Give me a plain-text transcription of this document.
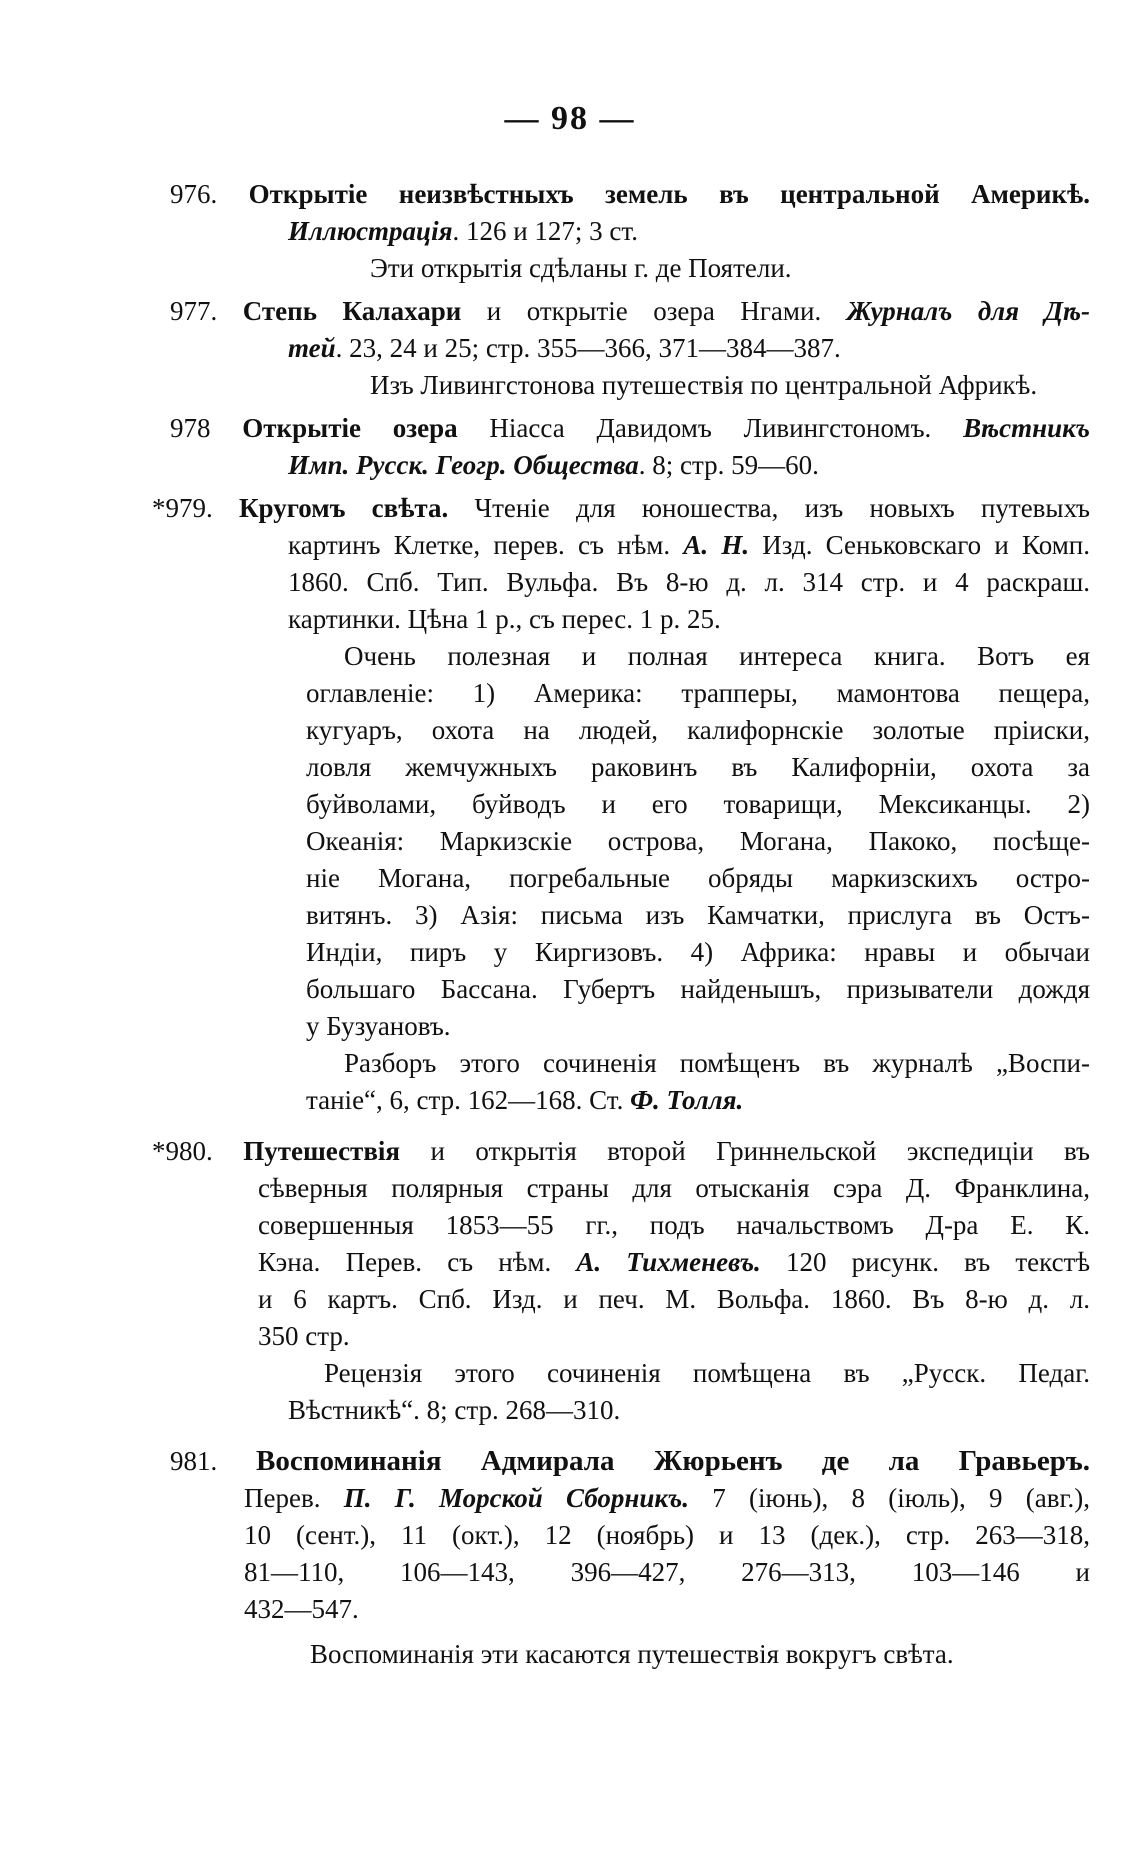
— 98 —
976. Открытіе неизвѣстныхъ земель въ центральной Америкѣ.
Иллюстрація. 126 и 127; 3 ст.
Эти открытія сдѣланы г. де Поятели.
977. Степь Калахари и открытіе озера Нгами. Журналъ для Дѣ-
тей. 23, 24 и 25; стр. 355—366, 371—384—387.
Изъ Ливингстонова путешествія по центральной Африкѣ.
978 Открытіе озера Ніасса Давидомъ Ливингстономъ. Вѣстникъ
Имп. Русск. Геогр. Общества. 8; стр. 59—60.
*979. Кругомъ свѣта. Чтеніе для юношества, изъ новыхъ путевыхъ
картинъ Клетке, перев. съ нѣм. А. Н. Изд. Сеньковскаго и Комп.
1860. Спб. Тип. Вульфа. Въ 8-ю д. л. 314 стр. и 4 раскраш.
картинки. Цѣна 1 р., съ перес. 1 р. 25.
Очень полезная и полная интереса книга. Вотъ ея
оглавленіе: 1) Америка: трапперы, мамонтова пещера,
кугуаръ, охота на людей, калифорнскіе золотые пріиски,
ловля жемчужныхъ раковинъ въ Калифорніи, охота за
буйволами, буйводъ и его товарищи, Мексиканцы. 2)
Океанія: Маркизскіе острова, Могана, Пакоко, посѣще-
ніе Могана, погребальные обряды маркизскихъ остро-
витянъ. 3) Азія: письма изъ Камчатки, прислуга въ Остъ-
Индіи, пиръ у Киргизовъ. 4) Африка: нравы и обычаи
большаго Бассана. Губертъ найденышъ, призыватели дождя
у Бузуановъ.
Разборъ этого сочиненія помѣщенъ въ журналѣ „Воспи-
таніе“, 6, стр. 162—168. Ст. Ф. Толля.
*980. Путешествія и открытія второй Гриннельской экспедиціи въ
сѣверныя полярныя страны для отысканія сэра Д. Франклина,
совершенныя 1853—55 гг., подъ начальствомъ Д-ра Е. К.
Кэна. Перев. съ нѣм. А. Тихменевъ. 120 рисунк. въ текстѣ
и 6 картъ. Спб. Изд. и печ. М. Вольфа. 1860. Въ 8-ю д. л.
350 стр.
Рецензія этого сочиненія помѣщена въ „Русск. Педаг.
Вѣстникѣ“. 8; стр. 268—310.
981. Воспоминанія Адмирала Жюрьенъ де ла Гравьеръ.
Перев. П. Г. Морской Сборникъ. 7 (іюнь), 8 (іюль), 9 (авг.),
10 (сент.), 11 (окт.), 12 (ноябрь) и 13 (дек.), стр. 263—318,
81—110, 106—143, 396—427, 276—313, 103—146 и
432—547.
Воспоминанія эти касаются путешествія вокругъ свѣта.
